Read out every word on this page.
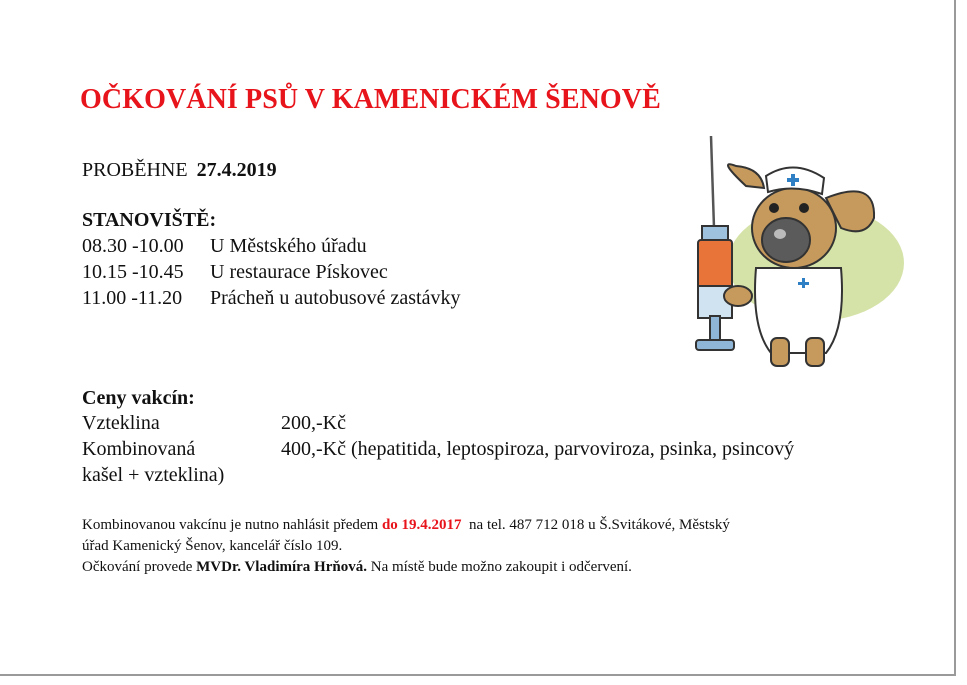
OČKOVÁNÍ PSŮ V KAMENICKÉM ŠENOVĚ
PROBĚHNE 27.4.2019
STANOVIŠTĚ:
08.30 -10.00 U Městského úřadu
10.15 -10.45 U restaurace Pískovec
11.00 -11.20 Prácheň u autobusové zastávky
Ceny vakcín:
Vzteklina	200,-Kč
Kombinovaná	400,-Kč (hepatitida, leptospiroza, parvoviroza, psinka, psincový
kašel + vzteklina)

Kombinovanou vakcínu je nutno nahlásit předem do 19.4.2017 na tel. 487 712 018 u Š.Svitákové, Městský
úřad Kamenický Šenov, kancelář číslo 109.

Očkování provede MVDr. Vladimíra Hrňová. Na místě bude možno zakoupit i odčervení.
